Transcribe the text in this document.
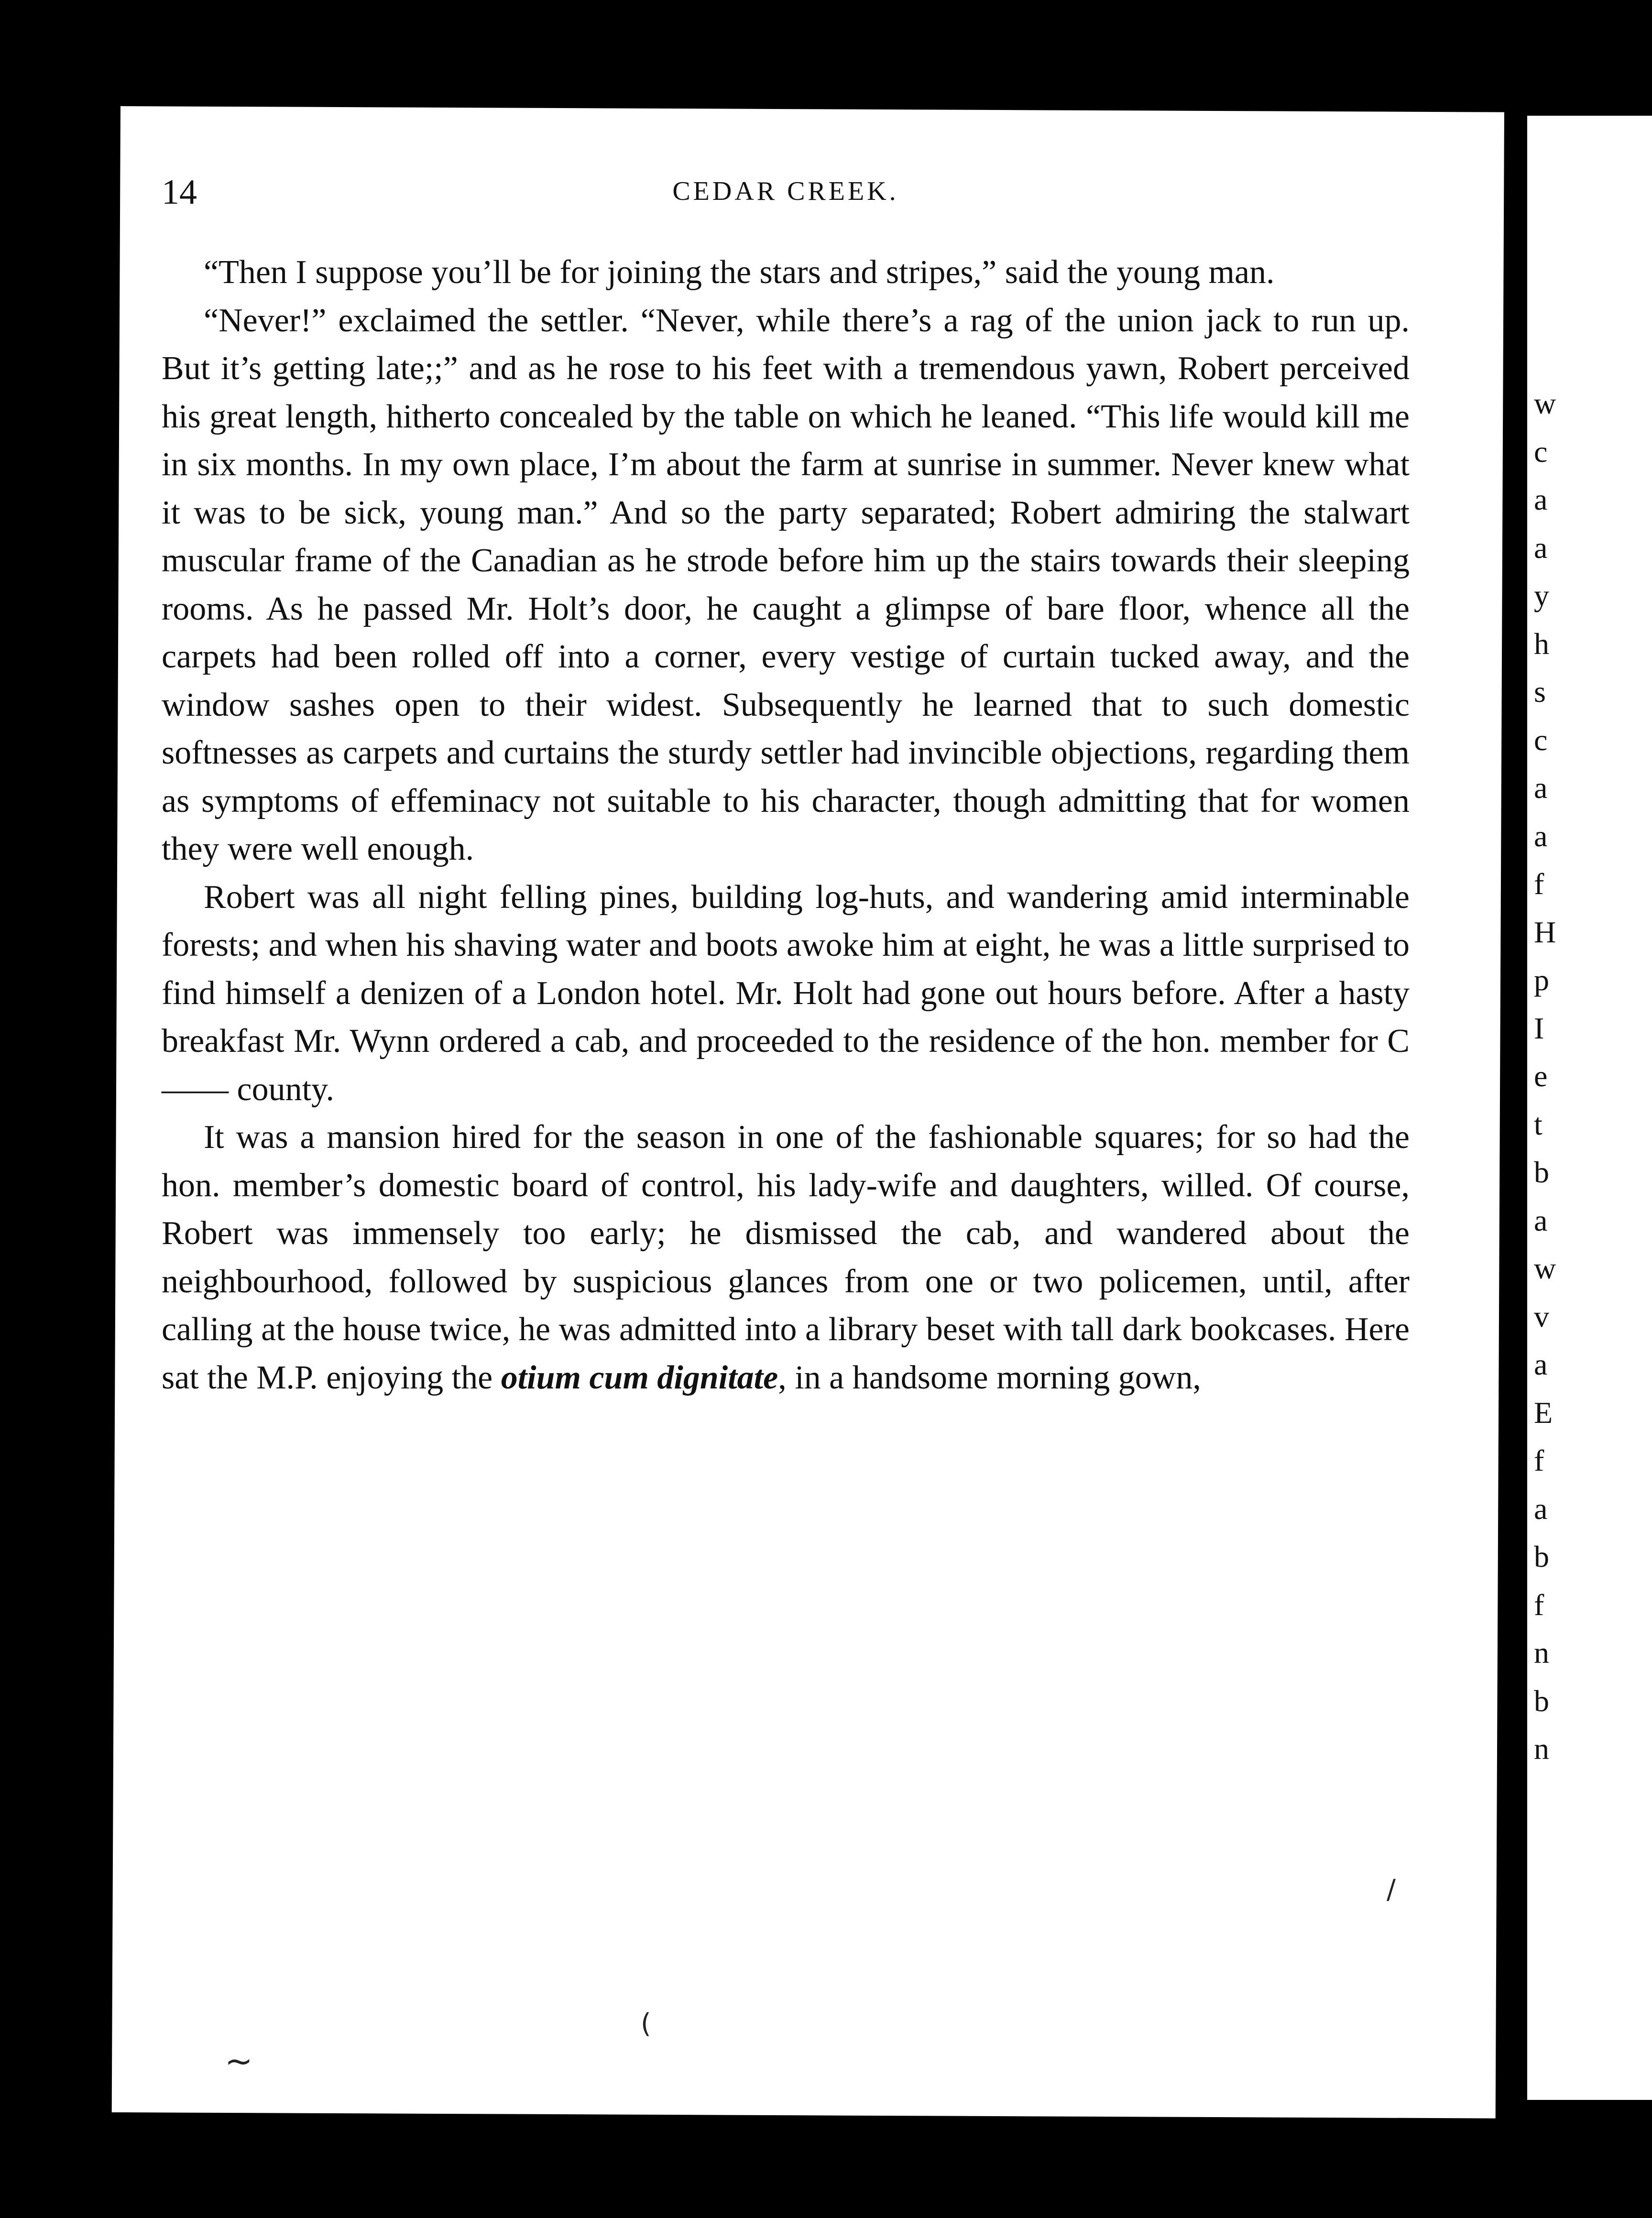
w
c
a
a
y
h
s
c
a
a
f
H
p
I
e
t
b
a
w
v
a
E
f
a
b
f
n
b
n
14	CEDAR CREEK.

“Then I suppose you’ll be for joining the stars and stripes,” said the young man.

“Never!” exclaimed the settler. “Never, while there’s a rag of the union jack to run up. But it’s getting late;;” and as he rose to his feet with a tremendous yawn, Robert perceived his great length, hitherto concealed by the table on which he leaned. “This life would kill me in six months. In my own place, I’m about the farm at sunrise in summer. Never knew what it was to be sick, young man.” And so the party separated; Robert admiring the stalwart muscular frame of the Canadian as he strode before him up the stairs towards their sleeping rooms. As he passed Mr. Holt’s door, he caught a glimpse of bare floor, whence all the carpets had been rolled off into a corner, every vestige of curtain tucked away, and the window sashes open to their widest. Subsequently he learned that to such domestic softnesses as carpets and curtains the sturdy settler had invincible objections, regarding them as symptoms of effeminacy not suitable to his character, though admitting that for women they were well enough.

Robert was all night felling pines, building log-huts, and wandering amid interminable forests; and when his shaving water and boots awoke him at eight, he was a little surprised to find himself a denizen of a London hotel. Mr. Holt had gone out hours before. After a hasty breakfast Mr. Wynn ordered a cab, and proceeded to the residence of the hon. member for C—— county.

It was a mansion hired for the season in one of the fashionable squares; for so had the hon. member’s domestic board of control, his lady-wife and daughters, willed. Of course, Robert was immensely too early; he dismissed the cab, and wandered about the neighbourhood, followed by suspicious glances from one or two policemen, until, after calling at the house twice, he was admitted into a library beset with tall dark bookcases. Here sat the M.P. enjoying the otium cum dignitate, in a handsome morning gown,

~
(
/
